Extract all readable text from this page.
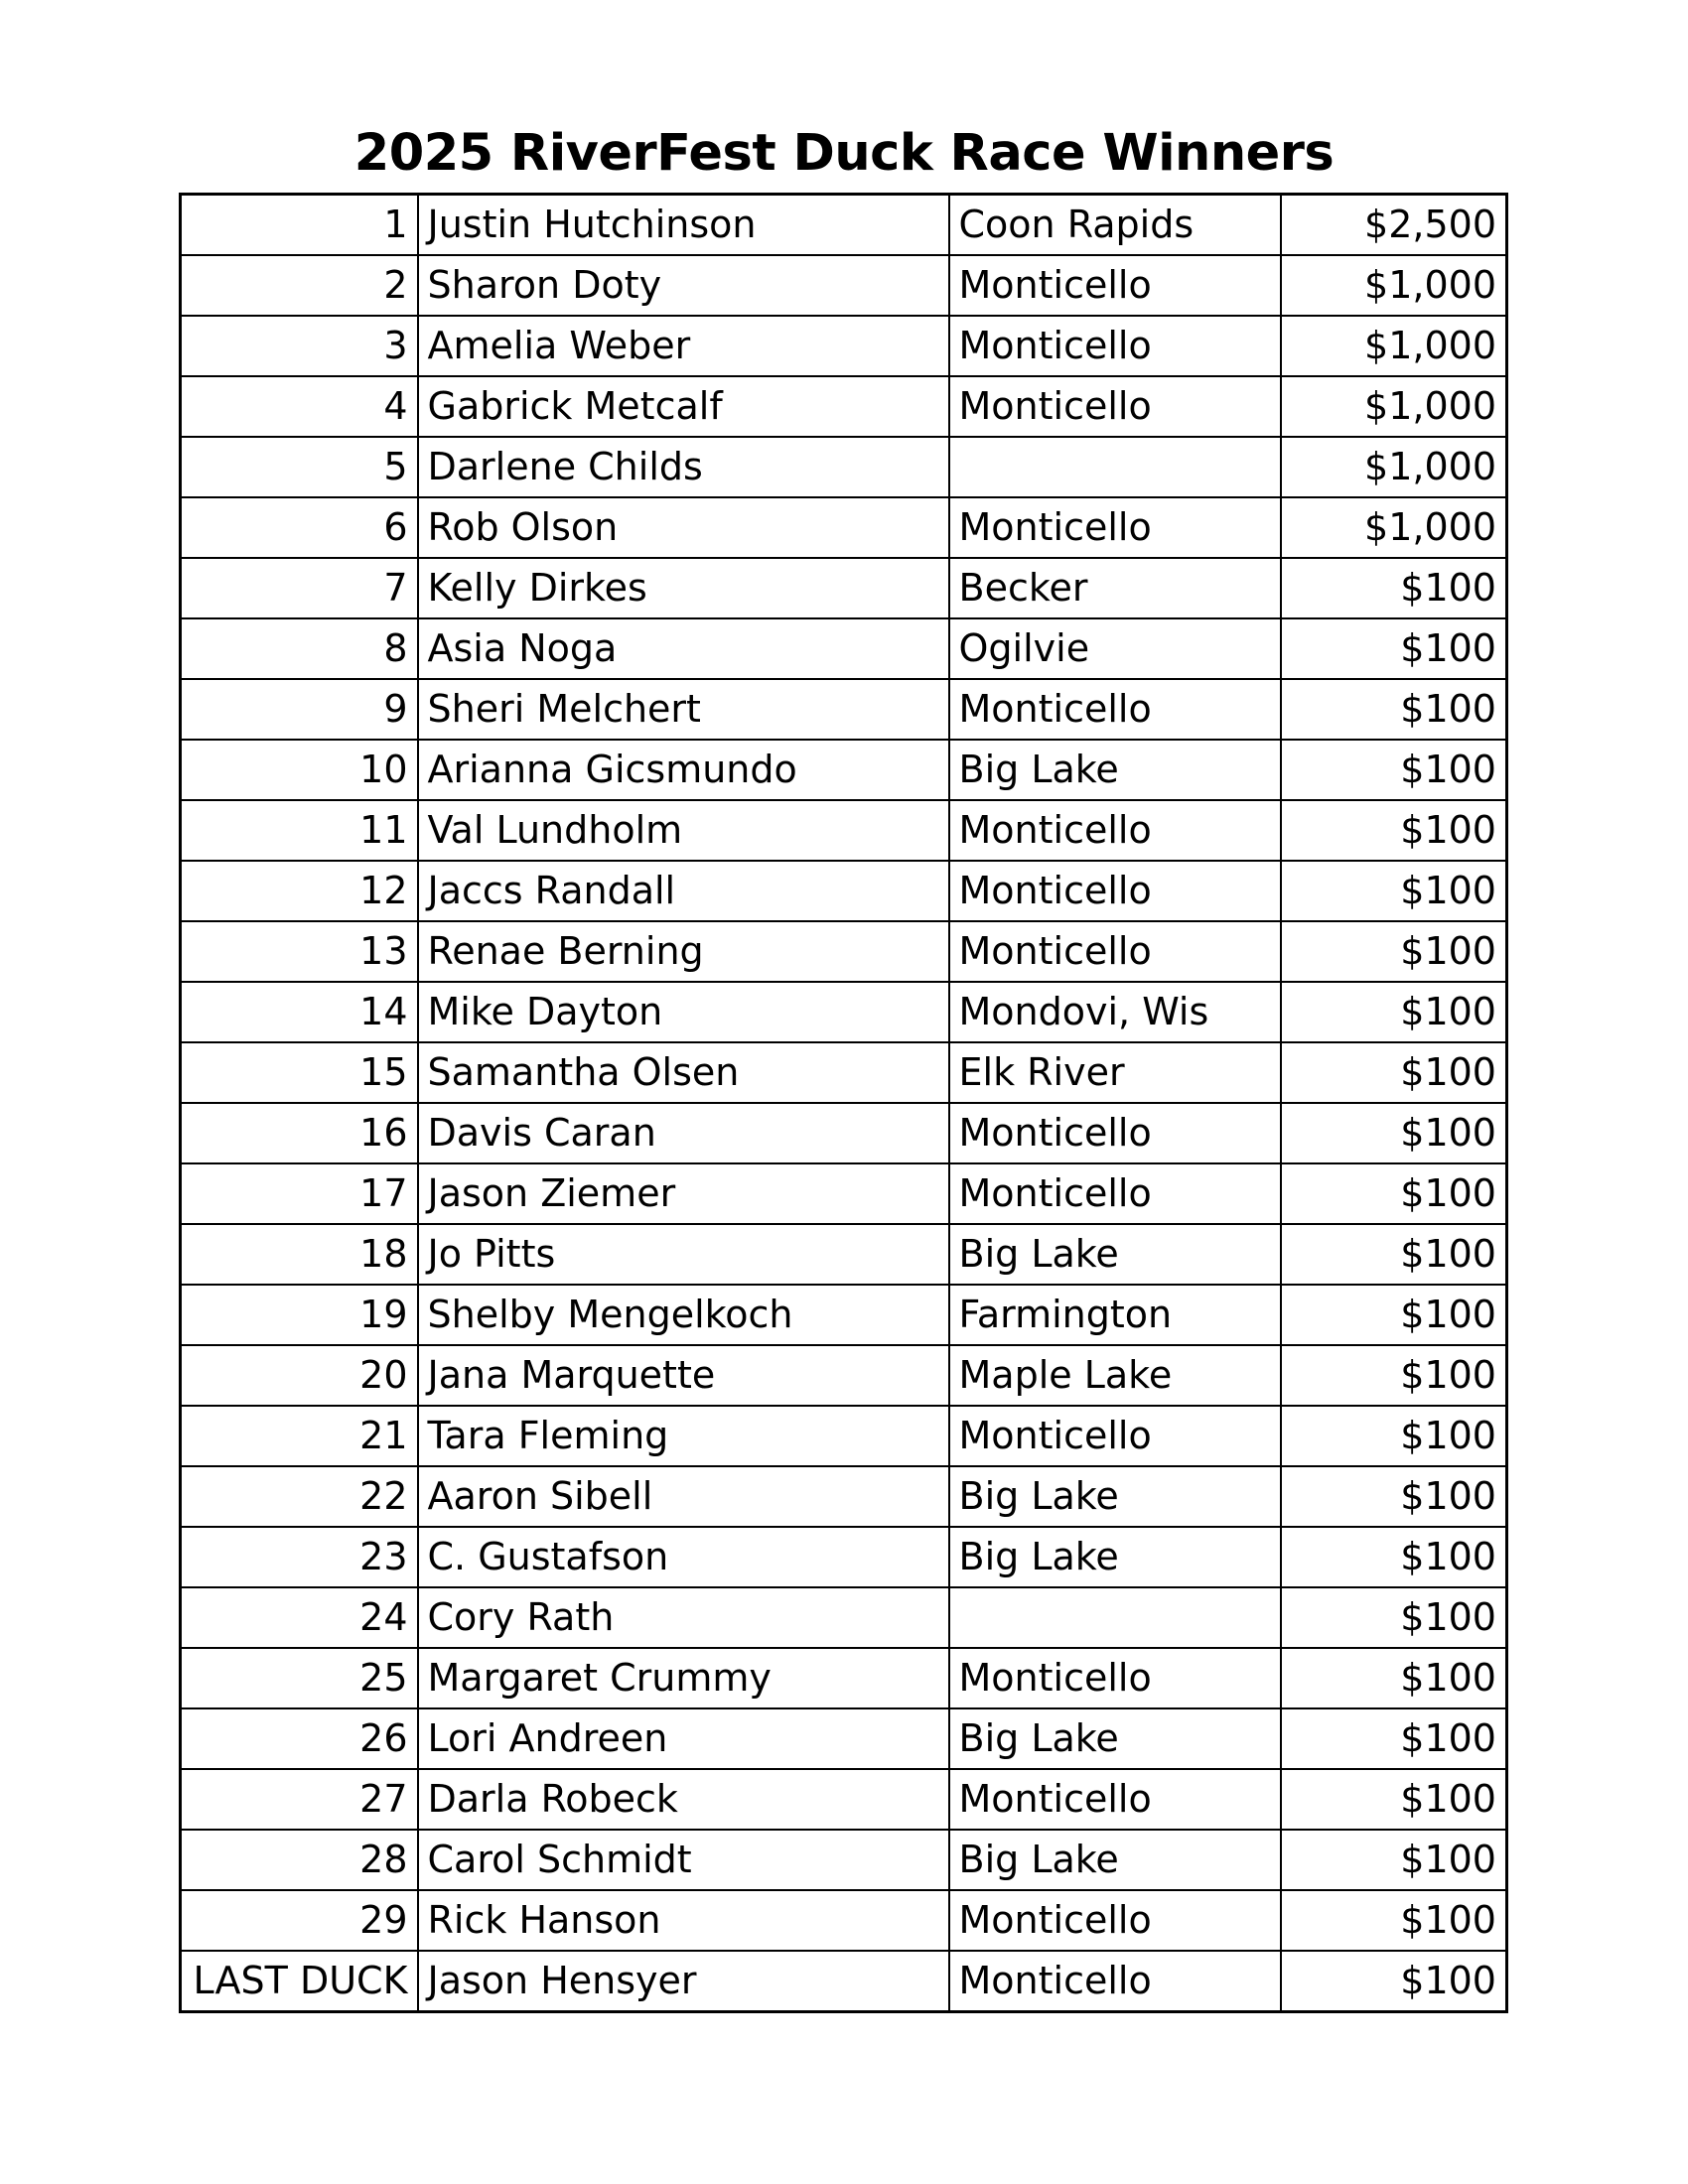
2025 RiverFest Duck Race Winners
1	Justin Hutchinson	Coon Rapids	$2,500
2	Sharon Doty	Monticello	$1,000
3	Amelia Weber	Monticello	$1,000
4	Gabrick Metcalf	Monticello	$1,000
5	Darlene Childs		$1,000
6	Rob Olson	Monticello	$1,000
7	Kelly Dirkes	Becker	$100
8	Asia Noga	Ogilvie	$100
9	Sheri Melchert	Monticello	$100
10	Arianna Gicsmundo	Big Lake	$100
11	Val Lundholm	Monticello	$100
12	Jaccs Randall	Monticello	$100
13	Renae Berning	Monticello	$100
14	Mike Dayton	Mondovi, Wis	$100
15	Samantha Olsen	Elk River	$100
16	Davis Caran	Monticello	$100
17	Jason Ziemer	Monticello	$100
18	Jo Pitts	Big Lake	$100
19	Shelby Mengelkoch	Farmington	$100
20	Jana Marquette	Maple Lake	$100
21	Tara Fleming	Monticello	$100
22	Aaron Sibell	Big Lake	$100
23	C. Gustafson	Big Lake	$100
24	Cory Rath		$100
25	Margaret Crummy	Monticello	$100
26	Lori Andreen	Big Lake	$100
27	Darla Robeck	Monticello	$100
28	Carol Schmidt	Big Lake	$100
29	Rick Hanson	Monticello	$100
LAST DUCK	Jason Hensyer	Monticello	$100
